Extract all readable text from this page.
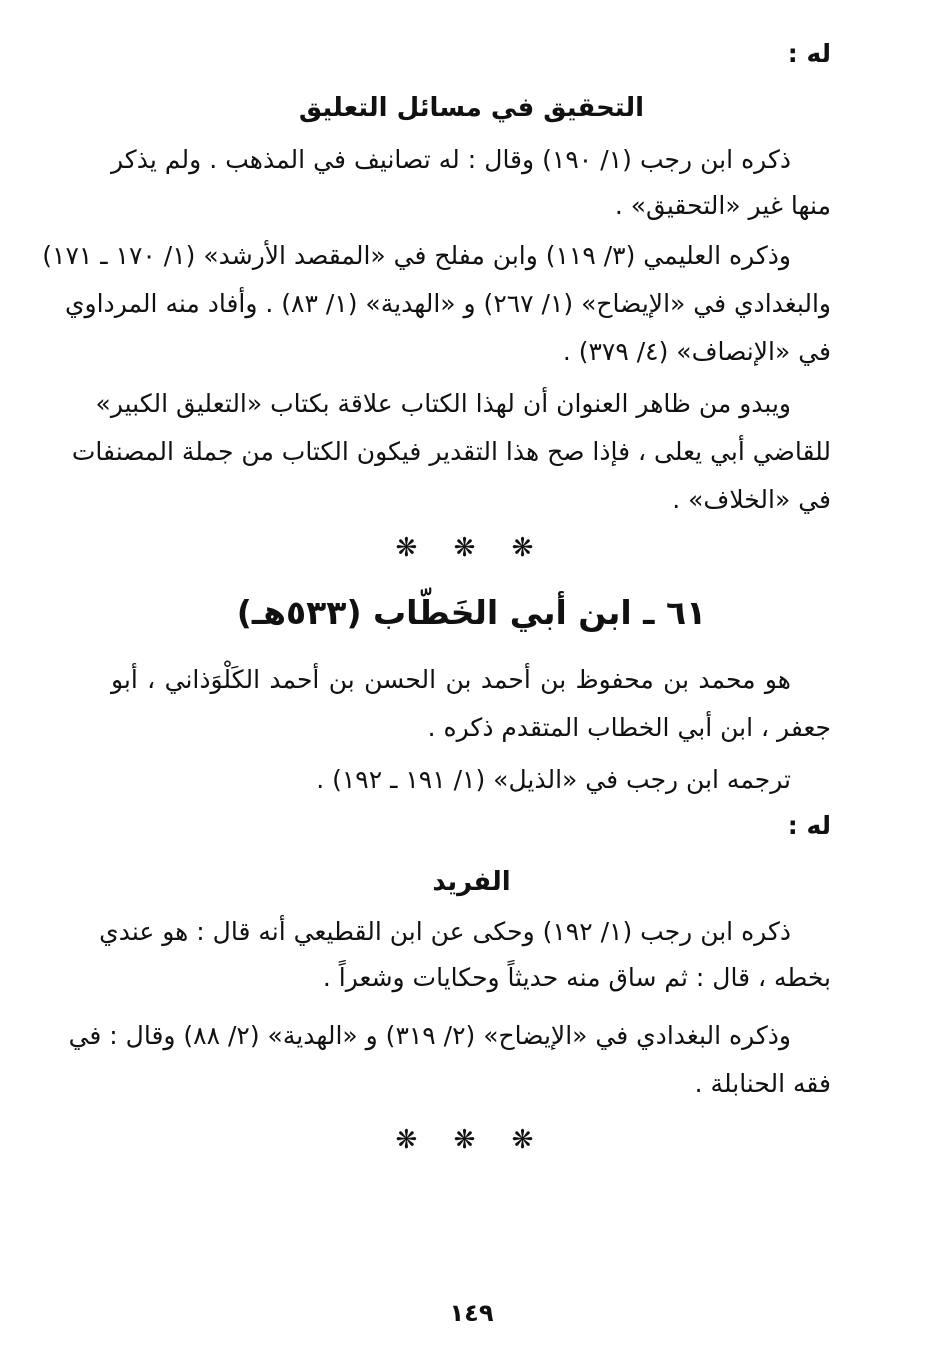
له :
التحقيق في مسائل التعليق
ذكره ابن رجب (١/ ١٩٠) وقال : له تصانيف في المذهب . ولم يذكر
منها غير «التحقيق» .
وذكره العليمي (٣/ ١١٩) وابن مفلح في «المقصد الأرشد» (١/ ١٧٠ ـ ١٧١)
والبغدادي في «الإيضاح» (١/ ٢٦٧) و «الهدية» (١/ ٨٣) . وأفاد منه المرداوي
في «الإنصاف» (٤/ ٣٧٩) .
ويبدو من ظاهر العنوان أن لهذا الكتاب علاقة بكتاب «التعليق الكبير»
للقاضي أبي يعلى ، فإذا صح هذا التقدير فيكون الكتاب من جملة المصنفات
في «الخلاف» .
❋ ❋ ❋
٦١ ـ ابن أبي الخَطّاب (٥٣٣هـ)
هو محمد بن محفوظ بن أحمد بن الحسن بن أحمد الكَلْوَذاني ، أبو
جعفر ، ابن أبي الخطاب المتقدم ذكره .
ترجمه ابن رجب في «الذيل» (١/ ١٩١ ـ ١٩٢) .
له :
الفريد
ذكره ابن رجب (١/ ١٩٢) وحكى عن ابن القطيعي أنه قال : هو عندي
بخطه ، قال : ثم ساق منه حديثاً وحكايات وشعراً .
وذكره البغدادي في «الإيضاح» (٢/ ٣١٩) و «الهدية» (٢/ ٨٨) وقال : في
فقه الحنابلة .
❋ ❋ ❋
١٤٩
